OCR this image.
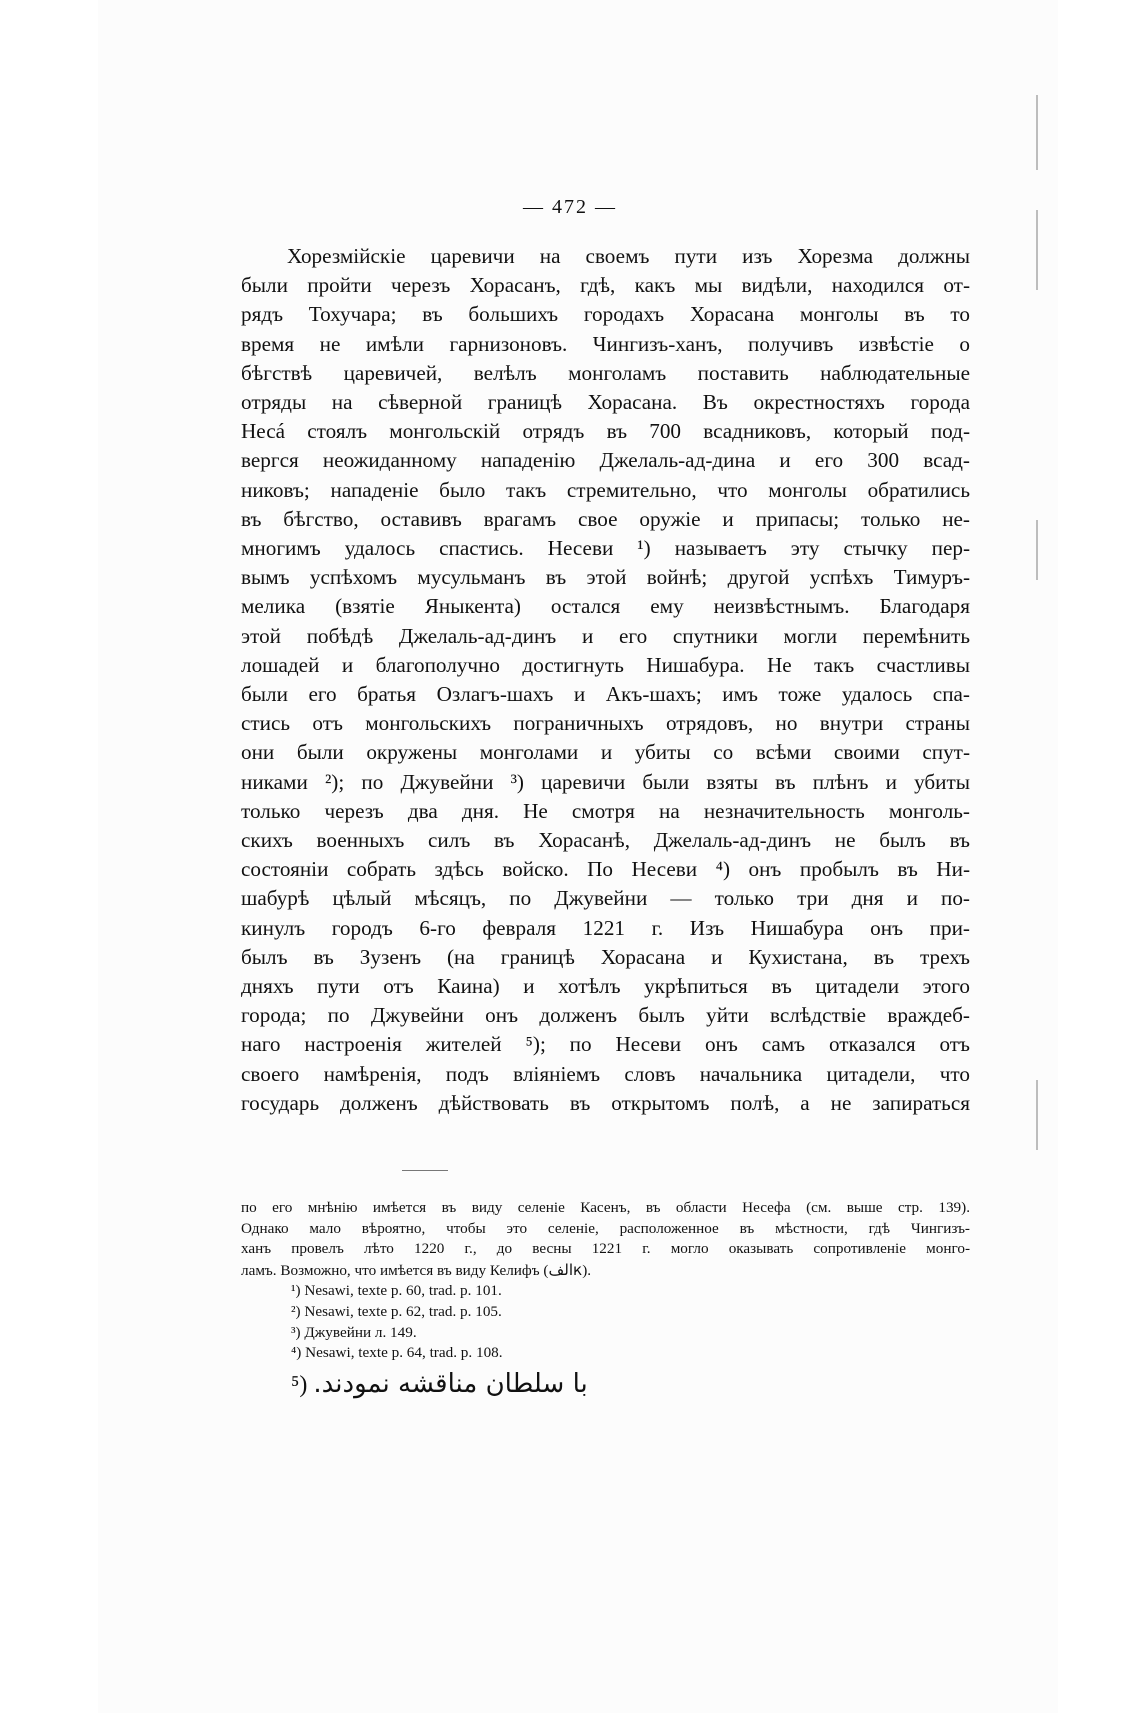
— 472 —
Хорезмійскіе царевичи на своемъ пути изъ Хорезма должны
были пройти черезъ Хорасанъ, гдѣ, какъ мы видѣли, находился от-
рядъ Тохучара; въ большихъ городахъ Хорасана монголы въ то
время не имѣли гарнизоновъ. Чингизъ-ханъ, получивъ извѣстіе о
бѣгствѣ царевичей, велѣлъ монголамъ поставить наблюдательные
отряды на сѣверной границѣ Хорасана. Въ окрестностяхъ города
Несá стоялъ монгольскій отрядъ въ 700 всадниковъ, который под-
вергся неожиданному нападенію Джелаль-ад-дина и его 300 всад-
никовъ; нападеніе было такъ стремительно, что монголы обратились
въ бѣгство, оставивъ врагамъ свое оружіе и припасы; только не-
многимъ удалось спастись. Несеви ¹) называетъ эту стычку пер-
вымъ успѣхомъ мусульманъ въ этой войнѣ; другой успѣхъ Тимуръ-
мелика (взятіе Яныкента) остался ему неизвѣстнымъ. Благодаря
этой побѣдѣ Джелаль-ад-динъ и его спутники могли перемѣнить
лошадей и благополучно достигнуть Нишабура. Не такъ счастливы
были его братья Озлагъ-шахъ и Акъ-шахъ; имъ тоже удалось спа-
стись отъ монгольскихъ пограничныхъ отрядовъ, но внутри страны
они были окружены монголами и убиты со всѣми своими спут-
никами ²); по Джувейни ³) царевичи были взяты въ плѣнъ и убиты
только черезъ два дня. Не смотря на незначительность монголь-
скихъ военныхъ силъ въ Хорасанѣ, Джелаль-ад-динъ не былъ въ
состояніи собрать здѣсь войско. По Несеви ⁴) онъ пробылъ въ Ни-
шабурѣ цѣлый мѣсяцъ, по Джувейни — только три дня и по-
кинулъ городъ 6-го февраля 1221 г. Изъ Нишабура онъ при-
былъ въ Зузенъ (на границѣ Хорасана и Кухистана, въ трехъ
дняхъ пути отъ Каина) и хотѣлъ укрѣпиться въ цитадели этого
города; по Джувейни онъ долженъ былъ уйти вслѣдствіе враждеб-
наго настроенія жителей ⁵); по Несеви онъ самъ отказался отъ
своего намѣренія, подъ вліяніемъ словъ начальника цитадели, что
государь долженъ дѣйствовать въ открытомъ полѣ, а не запираться
по его мнѣнію имѣется въ виду селеніе Касенъ, въ области Несефа (см. выше стр. 139).
Однако мало вѣроятно, чтобы это селеніе, расположенное въ мѣстности, гдѣ Чингизъ-
ханъ провелъ лѣто 1220 г., до весны 1221 г. могло оказывать сопротивленіе монго-
ламъ. Возможно, что имѣется въ виду Келифъ (кالف).
¹) Nesawi, texte p. 60, trad. p. 101.
²) Nesawi, texte p. 62, trad. p. 105.
³) Джувейни л. 149.
⁴) Nesawi, texte p. 64, trad. p. 108.
⁵) با سلطان مناقشه نمودند.
